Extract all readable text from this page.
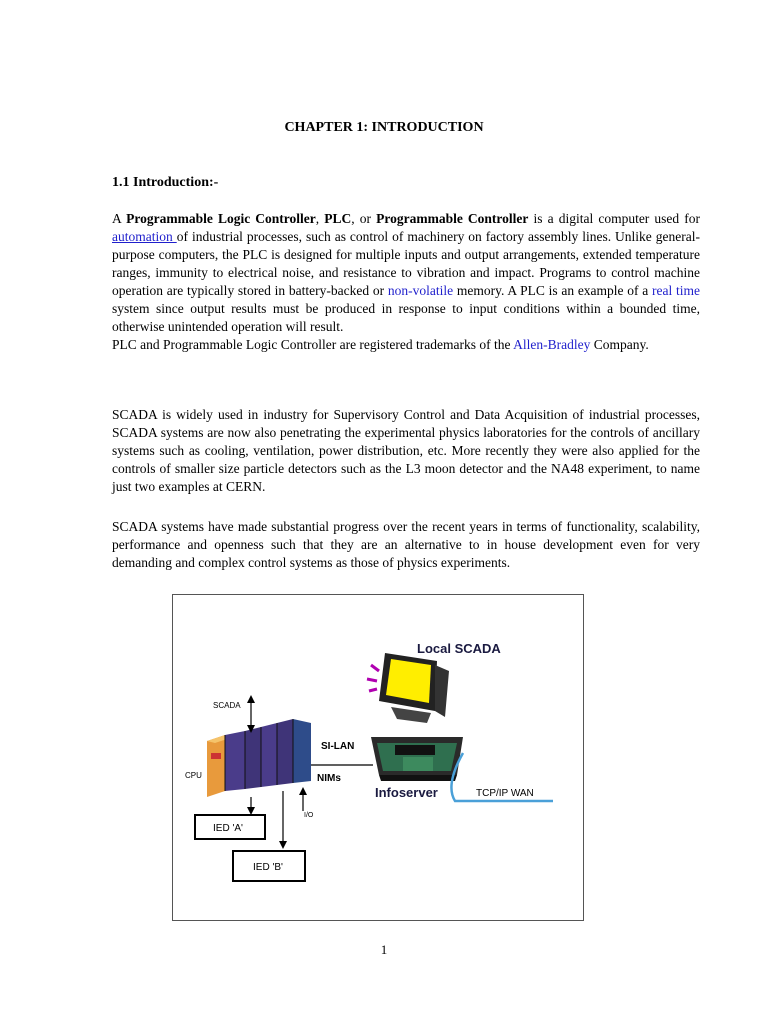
CHAPTER 1: INTRODUCTION
1.1 Introduction:-
A Programmable Logic Controller, PLC, or Programmable Controller is a digital computer used for automation of industrial processes, such as control of machinery on factory assembly lines. Unlike general-purpose computers, the PLC is designed for multiple inputs and output arrangements, extended temperature ranges, immunity to electrical noise, and resistance to vibration and impact. Programs to control machine operation are typically stored in battery-backed or non-volatile memory. A PLC is an example of a real time system since output results must be produced in response to input conditions within a bounded time, otherwise unintended operation will result.
PLC and Programmable Logic Controller are registered trademarks of the Allen-Bradley Company.
SCADA is widely used in industry for Supervisory Control and Data Acquisition of industrial processes, SCADA systems are now also penetrating the experimental physics laboratories for the controls of ancillary systems such as cooling, ventilation, power distribution, etc. More recently they were also applied for the controls of smaller size particle detectors such as the L3 moon detector and the NA48 experiment, to name just two examples at CERN.
SCADA systems have made substantial progress over the recent years in terms of functionality, scalability, performance and openness such that they are an alternative to in house development even for very demanding and complex control systems as those of physics experiments.
Local SCADA
Infoserver	TCP/IP WAN
SI-LAN
SCADA
CPU	NIMs
I/O
IED 'A'
IED 'B'
1
